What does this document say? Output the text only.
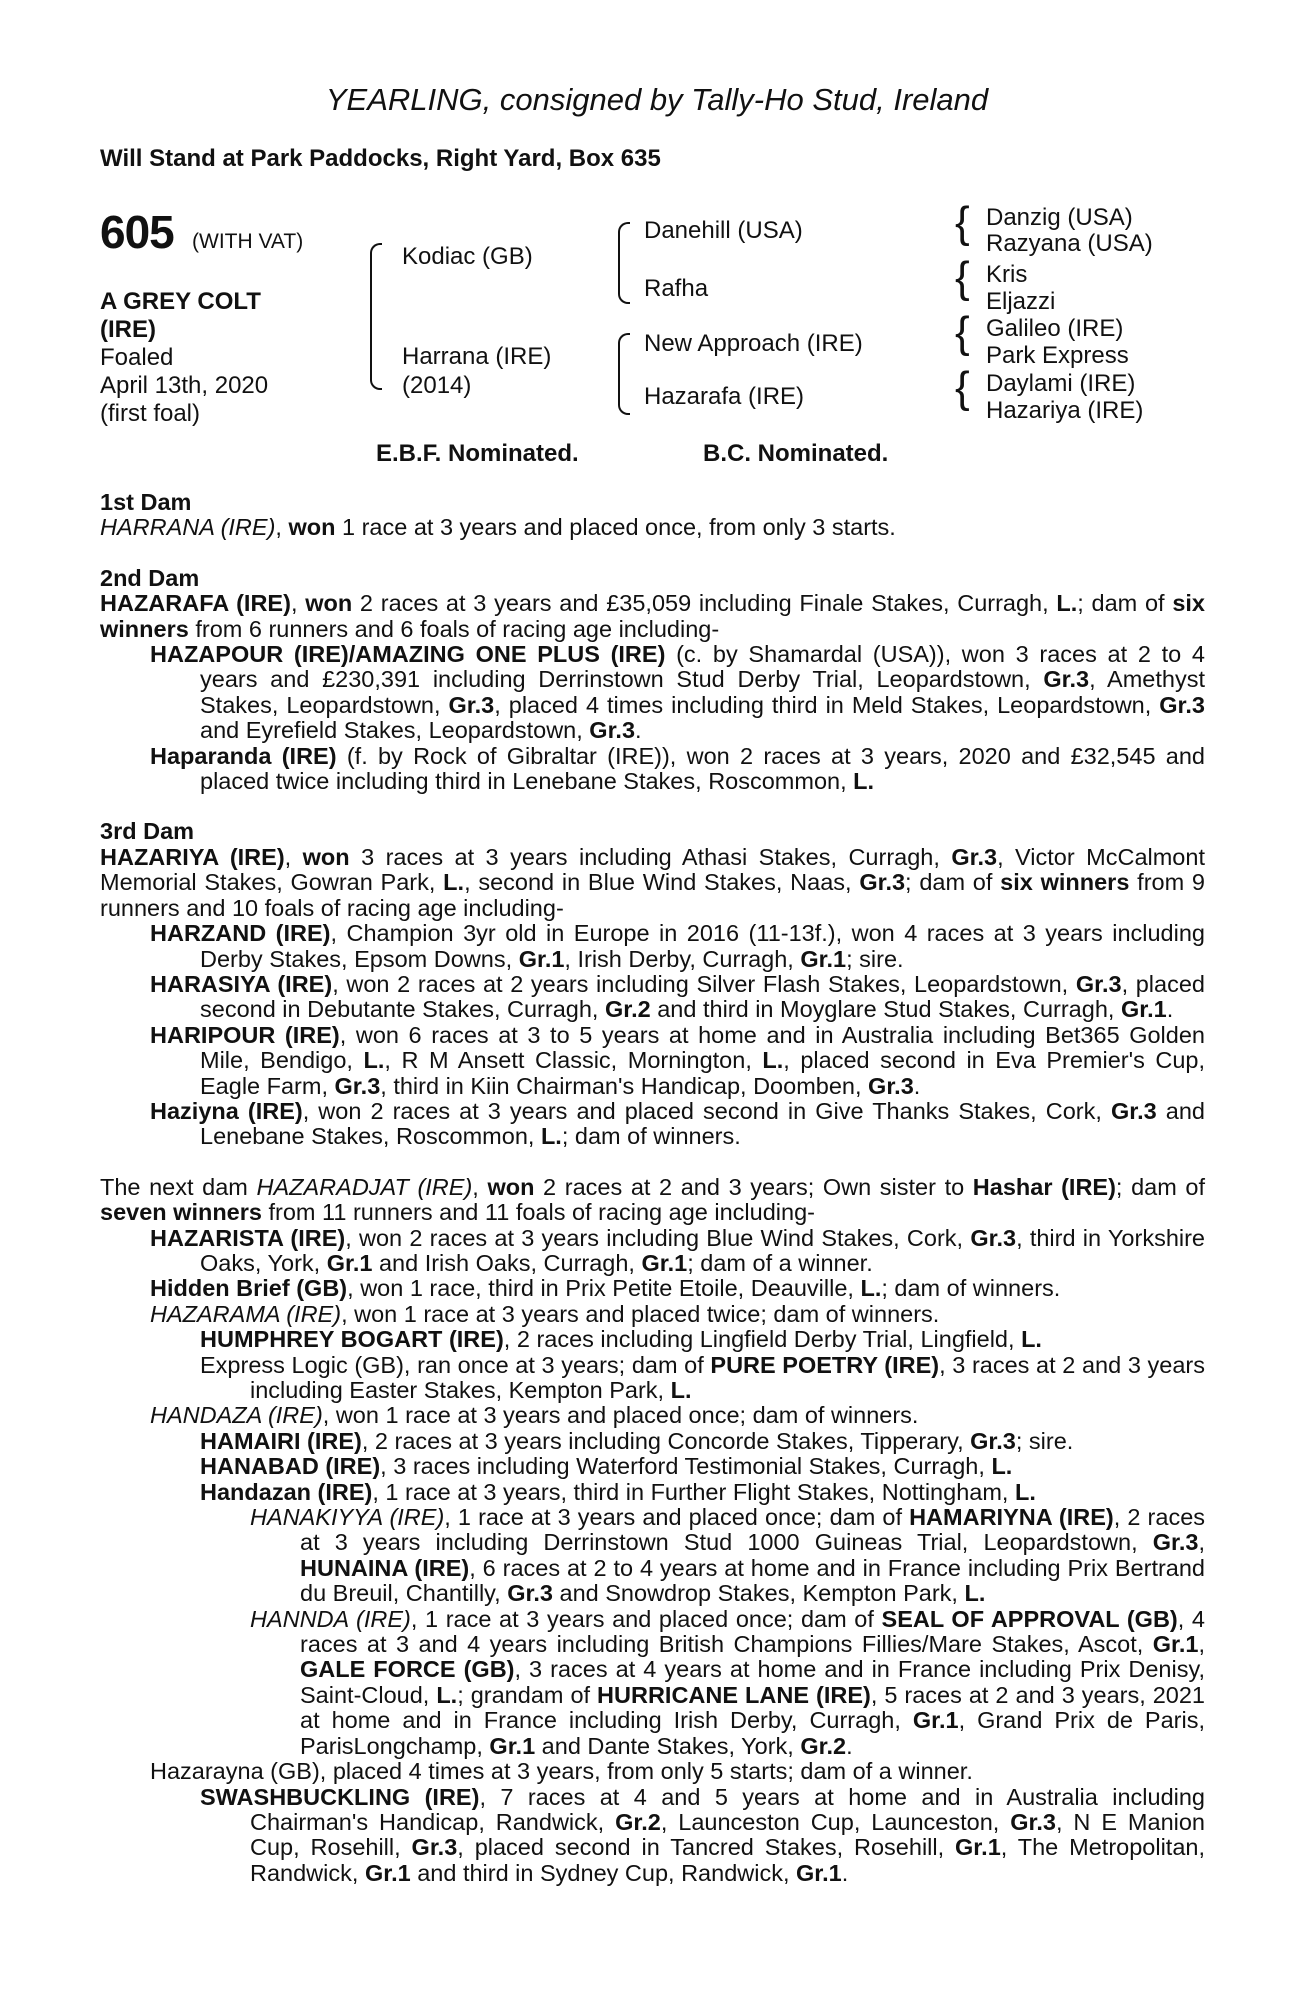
YEARLING, consigned by Tally-Ho Stud, Ireland
Will Stand at Park Paddocks, Right Yard, Box 635
605 (WITH VAT)
A GREY COLT
(IRE)
Foaled
April 13th, 2020
(first foal)
Kodiac (GB)
Harrana (IRE)
(2014)
Danehill (USA)
Rafha
New Approach (IRE)
Hazarafa (IRE)
{ Danzig (USA)
Razyana (USA)
{ Kris
Eljazzi
{ Galileo (IRE)
Park Express
{ Daylami (IRE)
Hazariya (IRE)
E.B.F. Nominated.	B.C. Nominated.

1st Dam

HARRANA (IRE), won 1 race at 3 years and placed once, from only 3 starts.

2nd Dam

HAZARAFA (IRE), won 2 races at 3 years and £35,059 including Finale Stakes, Curragh, L.; dam of six winners from 6 runners and 6 foals of racing age including-

HAZAPOUR (IRE)/AMAZING ONE PLUS (IRE) (c. by Shamardal (USA)), won 3 races at 2 to 4 years and £230,391 including Derrinstown Stud Derby Trial, Leopardstown, Gr.3, Amethyst Stakes, Leopardstown, Gr.3, placed 4 times including third in Meld Stakes, Leopardstown, Gr.3 and Eyrefield Stakes, Leopardstown, Gr.3.

Haparanda (IRE) (f. by Rock of Gibraltar (IRE)), won 2 races at 3 years, 2020 and £32,545 and placed twice including third in Lenebane Stakes, Roscommon, L.

3rd Dam

HAZARIYA (IRE), won 3 races at 3 years including Athasi Stakes, Curragh, Gr.3, Victor McCalmont Memorial Stakes, Gowran Park, L., second in Blue Wind Stakes, Naas, Gr.3; dam of six winners from 9 runners and 10 foals of racing age including-

HARZAND (IRE), Champion 3yr old in Europe in 2016 (11-13f.), won 4 races at 3 years including Derby Stakes, Epsom Downs, Gr.1, Irish Derby, Curragh, Gr.1; sire.

HARASIYA (IRE), won 2 races at 2 years including Silver Flash Stakes, Leopardstown, Gr.3, placed second in Debutante Stakes, Curragh, Gr.2 and third in Moyglare Stud Stakes, Curragh, Gr.1.

HARIPOUR (IRE), won 6 races at 3 to 5 years at home and in Australia including Bet365 Golden Mile, Bendigo, L., R M Ansett Classic, Mornington, L., placed second in Eva Premier's Cup, Eagle Farm, Gr.3, third in Kiin Chairman's Handicap, Doomben, Gr.3.

Haziyna (IRE), won 2 races at 3 years and placed second in Give Thanks Stakes, Cork, Gr.3 and Lenebane Stakes, Roscommon, L.; dam of winners.

The next dam HAZARADJAT (IRE), won 2 races at 2 and 3 years; Own sister to Hashar (IRE); dam of seven winners from 11 runners and 11 foals of racing age including-

HAZARISTA (IRE), won 2 races at 3 years including Blue Wind Stakes, Cork, Gr.3, third in Yorkshire Oaks, York, Gr.1 and Irish Oaks, Curragh, Gr.1; dam of a winner.

Hidden Brief (GB), won 1 race, third in Prix Petite Etoile, Deauville, L.; dam of winners.

HAZARAMA (IRE), won 1 race at 3 years and placed twice; dam of winners.

HUMPHREY BOGART (IRE), 2 races including Lingfield Derby Trial, Lingfield, L.

Express Logic (GB), ran once at 3 years; dam of PURE POETRY (IRE), 3 races at 2 and 3 years including Easter Stakes, Kempton Park, L.

HANDAZA (IRE), won 1 race at 3 years and placed once; dam of winners.

HAMAIRI (IRE), 2 races at 3 years including Concorde Stakes, Tipperary, Gr.3; sire.

HANABAD (IRE), 3 races including Waterford Testimonial Stakes, Curragh, L.

Handazan (IRE), 1 race at 3 years, third in Further Flight Stakes, Nottingham, L.

HANAKIYYA (IRE), 1 race at 3 years and placed once; dam of HAMARIYNA (IRE), 2 races at 3 years including Derrinstown Stud 1000 Guineas Trial, Leopardstown, Gr.3, HUNAINA (IRE), 6 races at 2 to 4 years at home and in France including Prix Bertrand du Breuil, Chantilly, Gr.3 and Snowdrop Stakes, Kempton Park, L.

HANNDA (IRE), 1 race at 3 years and placed once; dam of SEAL OF APPROVAL (GB), 4 races at 3 and 4 years including British Champions Fillies/Mare Stakes, Ascot, Gr.1, GALE FORCE (GB), 3 races at 4 years at home and in France including Prix Denisy, Saint-Cloud, L.; grandam of HURRICANE LANE (IRE), 5 races at 2 and 3 years, 2021 at home and in France including Irish Derby, Curragh, Gr.1, Grand Prix de Paris, ParisLongchamp, Gr.1 and Dante Stakes, York, Gr.2.

Hazarayna (GB), placed 4 times at 3 years, from only 5 starts; dam of a winner.

SWASHBUCKLING (IRE), 7 races at 4 and 5 years at home and in Australia including Chairman's Handicap, Randwick, Gr.2, Launceston Cup, Launceston, Gr.3, N E Manion Cup, Rosehill, Gr.3, placed second in Tancred Stakes, Rosehill, Gr.1, The Metropolitan, Randwick, Gr.1 and third in Sydney Cup, Randwick, Gr.1.
